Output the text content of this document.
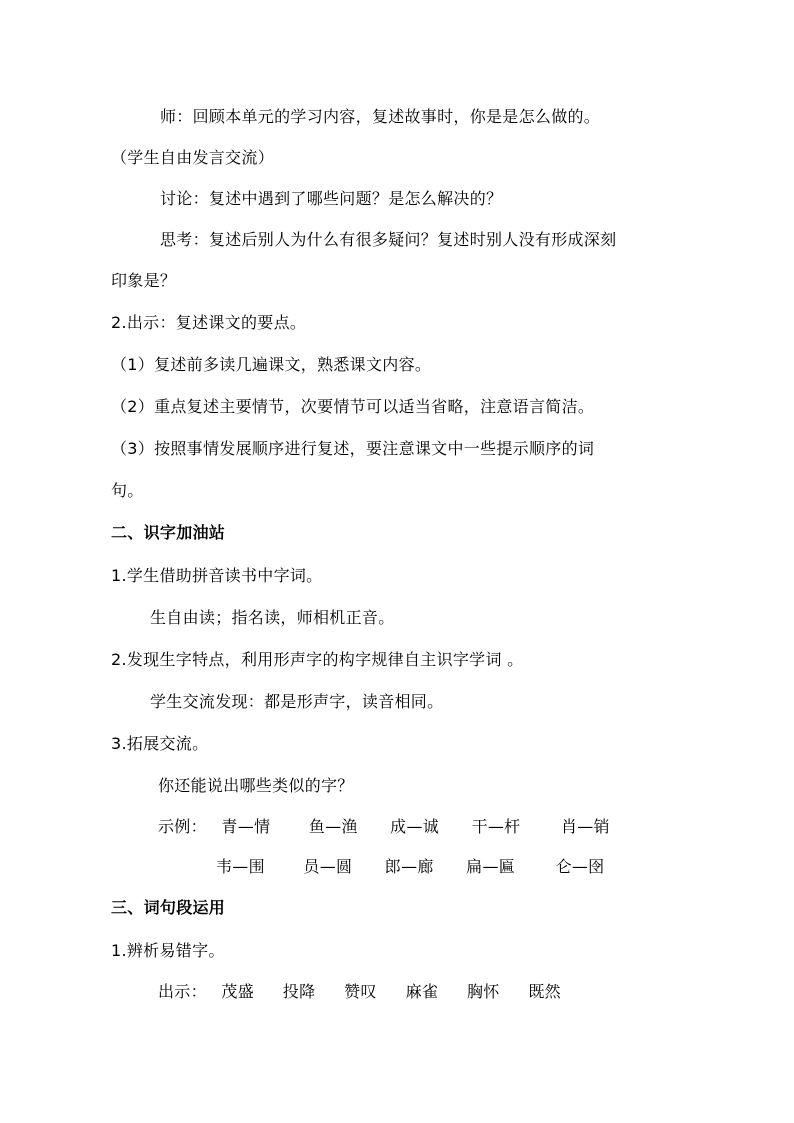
师：回顾本单元的学习内容，复述故事时，你是是怎么做的。
（学生自由发言交流）
讨论：复述中遇到了哪些问题？是怎么解决的？
思考：复述后别人为什么有很多疑问？复述时别人没有形成深刻
印象是？
2.出示：复述课文的要点。
（1）复述前多读几遍课文，熟悉课文内容。
（2）重点复述主要情节，次要情节可以适当省略，注意语言简洁。
（3）按照事情发展顺序进行复述，要注意课文中一些提示顺序的词
句。
二、识字加油站
1.学生借助拼音读书中字词。
生自由读；指名读，师相机正音。
2.发现生字特点，利用形声字的构字规律自主识字学词 。
学生交流发现：都是形声字，读音相同。
3.拓展交流。
你还能说出哪些类似的字？
示例： 青—情 鱼—渔 成—诚 干—杆	肖—销
韦—围 员—圆 郎—廊 扁—匾	仑—囹
三、词句段运用
1.辨析易错字。
出示： 茂盛 投降 赞叹 麻雀 胸怀 既然
